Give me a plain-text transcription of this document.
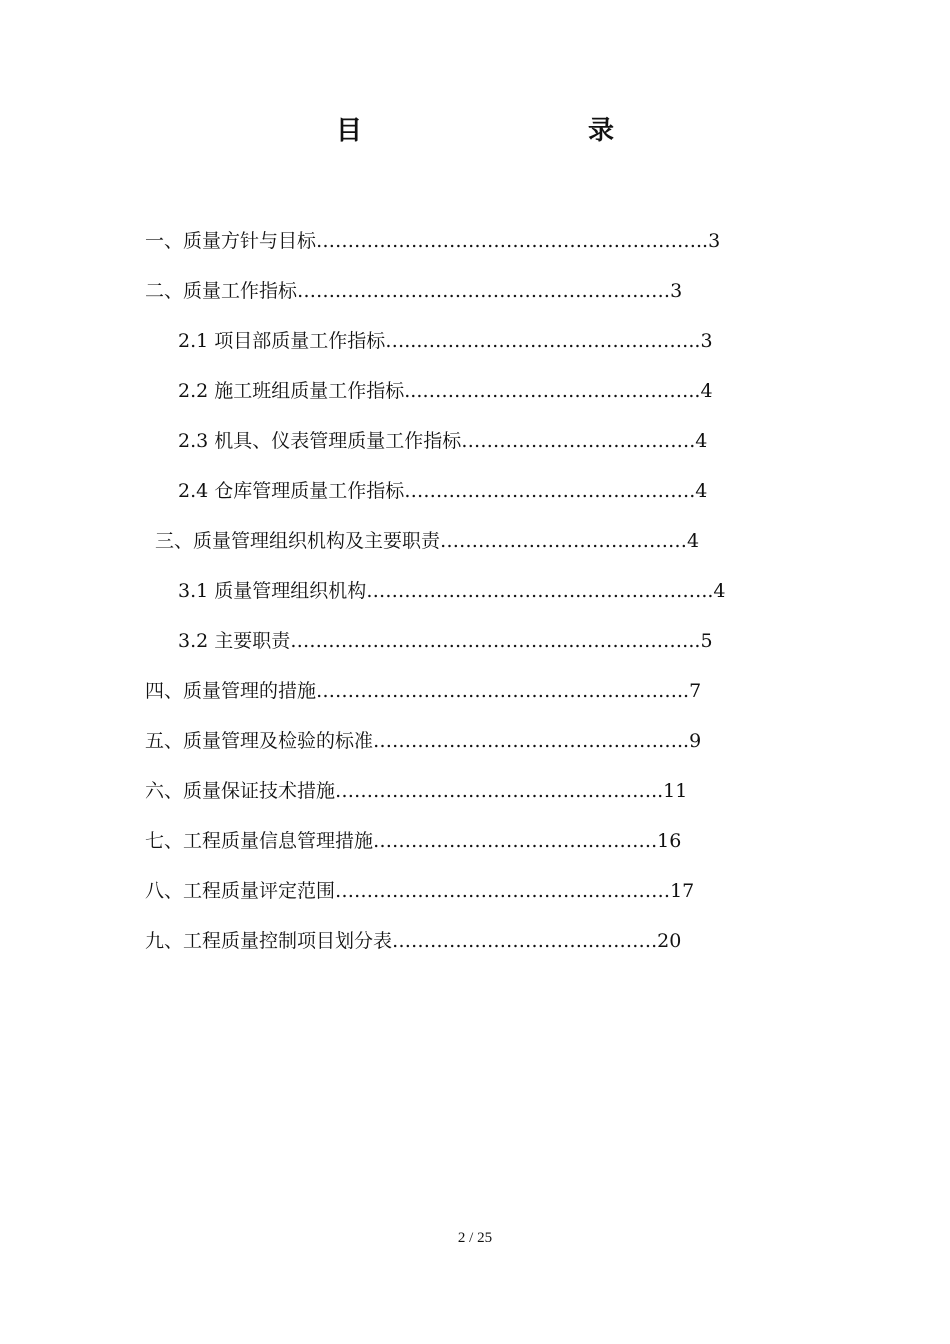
目　　录
一、质量方针与目标……………………………………………………..3
二、质量工作指标…….…………….………………………………3
2.1 项目部质量工作指标…...……………………………………..3
2.2 施工班组质量工作指标...……………………………………..4
2.3 机具、仪表管理质量工作指标……………………………….4
2.4 仓库管理质量工作指标……………………………………….4
三、质量管理组织机构及主要职责…………………………………4
3.1 质量管理组织机构……………………………..………………..4
3.2 主要职责……………………………………...………………..5
四、质量管理的措施…………………………………………………..7
五、质量管理及检验的标准…………………………………………..9
六、质量保证技术措施…………………………….….…………..11
七、工程质量信息管理措施……………………………..……….16
八、工程质量评定范围…………………………………..…………17
九、工程质量控制项目划分表…………………………..……….20
2 / 25
